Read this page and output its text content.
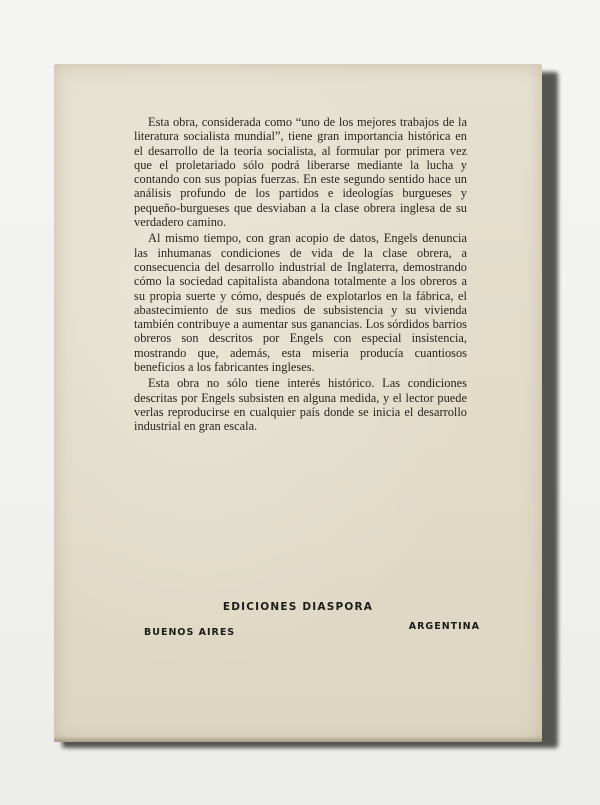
Esta obra, considerada como “uno de los mejores trabajos de la literatura socialista mundial”, tiene gran importancia histórica en el desarrollo de la teoría socialista, al formular por primera vez que el proletariado sólo podrá liberarse mediante la lucha y contando con sus popias fuerzas. En este segundo sentido hace un análisis profundo de los partidos e ideologías burgueses y pequeño-burgueses que desviaban a la clase obrera inglesa de su verdadero camino.

Al mismo tiempo, con gran acopio de datos, Engels denuncia las inhumanas condiciones de vida de la clase obrera, a consecuencia del desarrollo industrial de Inglaterra, demostrando cómo la sociedad capitalista abandona totalmente a los obreros a su propia suerte y cómo, después de explotarlos en la fábrica, el abastecimiento de sus medios de subsistencia y su vivienda también contribuye a aumentar sus ganancias. Los sórdidos barrios obreros son descritos por Engels con especial insistencia, mostrando que, además, esta miseria producía cuantiosos beneficios a los fabricantes ingleses.

Esta obra no sólo tiene interés histórico. Las condiciones descritas por Engels subsisten en alguna medida, y el lector puede verlas reproducirse en cualquier país donde se inicia el desarrollo industrial en gran escala.

EDICIONES DIASPORA
BUENOS AIRES
ARGENTINA
